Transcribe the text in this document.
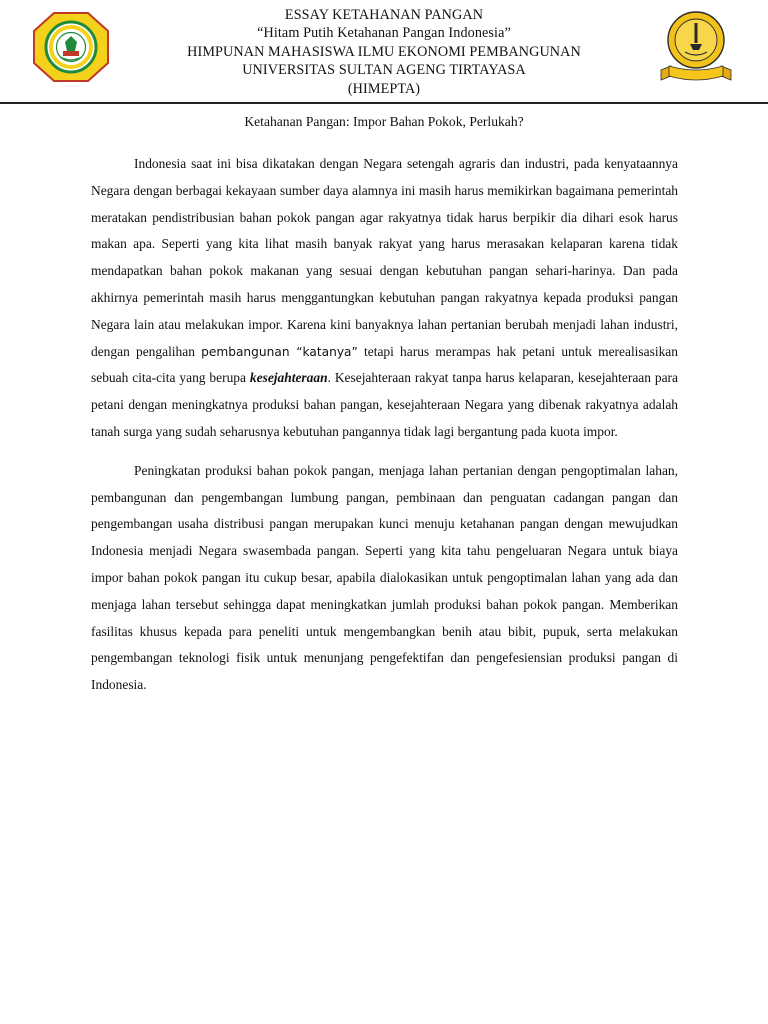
ESSAY KETAHANAN PANGAN
“Hitam Putih Ketahanan Pangan Indonesia”
HIMPUNAN MAHASISWA ILMU EKONOMI PEMBANGUNAN
UNIVERSITAS SULTAN AGENG TIRTAYASA
(HIMEPTA)
Ketahanan Pangan: Impor Bahan Pokok, Perlukah?

Indonesia saat ini bisa dikatakan dengan Negara setengah agraris dan industri, pada kenyataannya Negara dengan berbagai kekayaan sumber daya alamnya ini masih harus memikirkan bagaimana pemerintah meratakan pendistribusian bahan pokok pangan agar rakyatnya tidak harus berpikir dia dihari esok harus makan apa. Seperti yang kita lihat masih banyak rakyat yang harus merasakan kelaparan karena tidak mendapatkan bahan pokok makanan yang sesuai dengan kebutuhan pangan sehari-harinya. Dan pada akhirnya pemerintah masih harus menggantungkan kebutuhan pangan rakyatnya kepada produksi pangan Negara lain atau melakukan impor. Karena kini banyaknya lahan pertanian berubah menjadi lahan industri, dengan pengalihan pembangunan “katanya” tetapi harus merampas hak petani untuk merealisasikan sebuah cita-cita yang berupa kesejahteraan. Kesejahteraan rakyat tanpa harus kelaparan, kesejahteraan para petani dengan meningkatnya produksi bahan pangan, kesejahteraan Negara yang dibenak rakyatnya adalah tanah surga yang sudah seharusnya kebutuhan pangannya tidak lagi bergantung pada kuota impor.

Peningkatan produksi bahan pokok pangan, menjaga lahan pertanian dengan pengoptimalan lahan, pembangunan dan pengembangan lumbung pangan, pembinaan dan penguatan cadangan pangan dan pengembangan usaha distribusi pangan merupakan kunci menuju ketahanan pangan dengan mewujudkan Indonesia menjadi Negara swasembada pangan. Seperti yang kita tahu pengeluaran Negara untuk biaya impor bahan pokok pangan itu cukup besar, apabila dialokasikan untuk pengoptimalan lahan yang ada dan menjaga lahan tersebut sehingga dapat meningkatkan jumlah produksi bahan pokok pangan. Memberikan fasilitas khusus kepada para peneliti untuk mengembangkan benih atau bibit, pupuk, serta melakukan pengembangan teknologi fisik untuk menunjang pengefektifan dan pengefesiensian produksi pangan di Indonesia.
